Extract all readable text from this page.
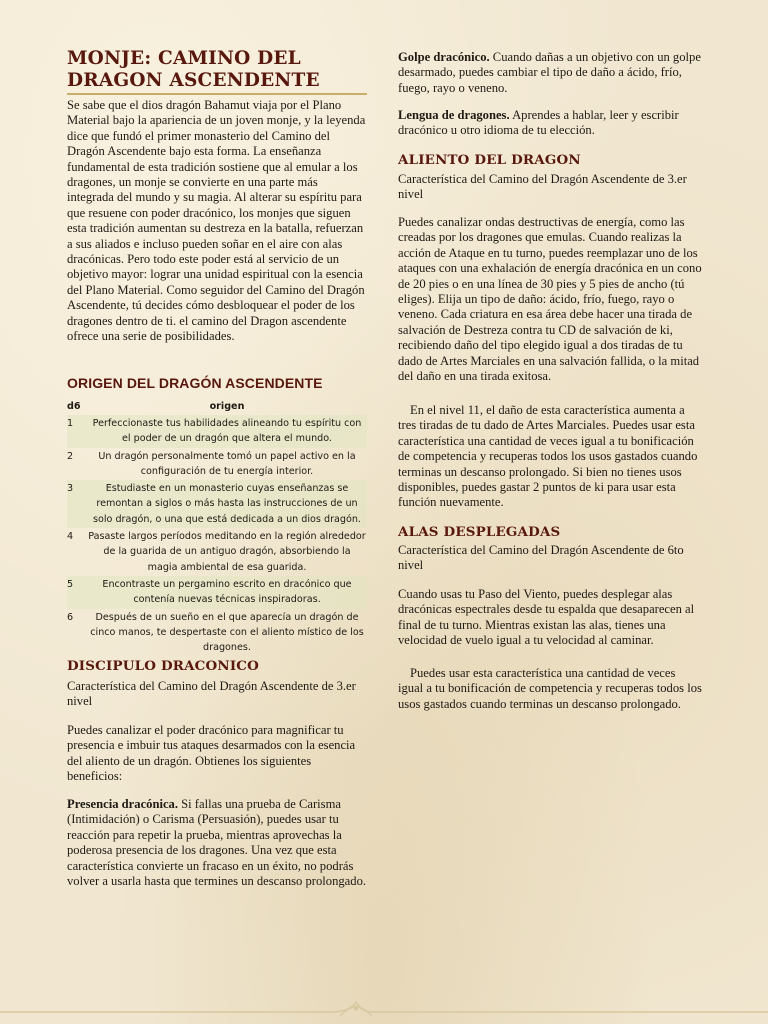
MONJE: CAMINO DEL DRAGON ASCENDENTE

Se sabe que el dios dragón Bahamut viaja por el Plano Material bajo la apariencia de un joven monje, y la leyenda dice que fundó el primer monasterio del Camino del Dragón Ascendente bajo esta forma. La enseñanza fundamental de esta tradición sostiene que al emular a los dragones, un monje se convierte en una parte más integrada del mundo y su magia. Al alterar su espíritu para que resuene con poder dracónico, los monjes que siguen esta tradición aumentan su destreza en la batalla, refuerzan a sus aliados e incluso pueden soñar en el aire con alas dracónicas. Pero todo este poder está al servicio de un objetivo mayor: lograr una unidad espiritual con la esencia del Plano Material. Como seguidor del Camino del Dragón Ascendente, tú decides cómo desbloquear el poder de los dragones dentro de ti. el camino del Dragon ascendente ofrece una serie de posibilidades.

ORIGEN DEL DRAGÓN ASCENDENTE
d6	origen
1	Perfeccionaste tus habilidades alineando tu espíritu con el poder de un dragón que altera el mundo.
2	Un dragón personalmente tomó un papel activo en la configuración de tu energía interior.
3	Estudiaste en un monasterio cuyas enseñanzas se remontan a siglos o más hasta las instrucciones de un solo dragón, o una que está dedicada a un dios dragón.
4 Pasaste largos períodos meditando en la región alrededor de la guarida de un antiguo dragón, absorbiendo la magia ambiental de esa guarida.
5	Encontraste un pergamino escrito en dracónico que contenía nuevas técnicas inspiradoras.
6	Después de un sueño en el que aparecía un dragón de cinco manos, te despertaste con el aliento místico de los dragones.
DISCIPULO DRACONICO

Característica del Camino del Dragón Ascendente de 3.er nivel

Puedes canalizar el poder dracónico para magnificar tu presencia e imbuir tus ataques desarmados con la esencia del aliento de un dragón. Obtienes los siguientes beneficios:

Presencia dracónica. Si fallas una prueba de Carisma (Intimidación) o Carisma (Persuasión), puedes usar tu reacción para repetir la prueba, mientras aprovechas la poderosa presencia de los dragones. Una vez que esta característica convierte un fracaso en un éxito, no podrás volver a usarla hasta que termines un descanso prolongado.

Golpe dracónico. Cuando dañas a un objetivo con un golpe desarmado, puedes cambiar el tipo de daño a ácido, frío, fuego, rayo o veneno.

Lengua de dragones. Aprendes a hablar, leer y escribir dracónico u otro idioma de tu elección.

ALIENTO DEL DRAGON

Característica del Camino del Dragón Ascendente de 3.er nivel

Puedes canalizar ondas destructivas de energía, como las creadas por los dragones que emulas. Cuando realizas la acción de Ataque en tu turno, puedes reemplazar uno de los ataques con una exhalación de energía dracónica en un cono de 20 pies o en una línea de 30 pies y 5 pies de ancho (tú eliges). Elija un tipo de daño: ácido, frío, fuego, rayo o veneno. Cada criatura en esa área debe hacer una tirada de salvación de Destreza contra tu CD de salvación de ki, recibiendo daño del tipo elegido igual a dos tiradas de tu dado de Artes Marciales en una salvación fallida, o la mitad del daño en una tirada exitosa.

En el nivel 11, el daño de esta característica aumenta a tres tiradas de tu dado de Artes Marciales. Puedes usar esta característica una cantidad de veces igual a tu bonificación de competencia y recuperas todos los usos gastados cuando terminas un descanso prolongado. Si bien no tienes usos disponibles, puedes gastar 2 puntos de ki para usar esta función nuevamente.

ALAS DESPLEGADAS

Característica del Camino del Dragón Ascendente de 6to nivel

Cuando usas tu Paso del Viento, puedes desplegar alas dracónicas espectrales desde tu espalda que desaparecen al final de tu turno. Mientras existan las alas, tienes una velocidad de vuelo igual a tu velocidad al caminar.

Puedes usar esta característica una cantidad de veces igual a tu bonificación de competencia y recuperas todos los usos gastados cuando terminas un descanso prolongado.
